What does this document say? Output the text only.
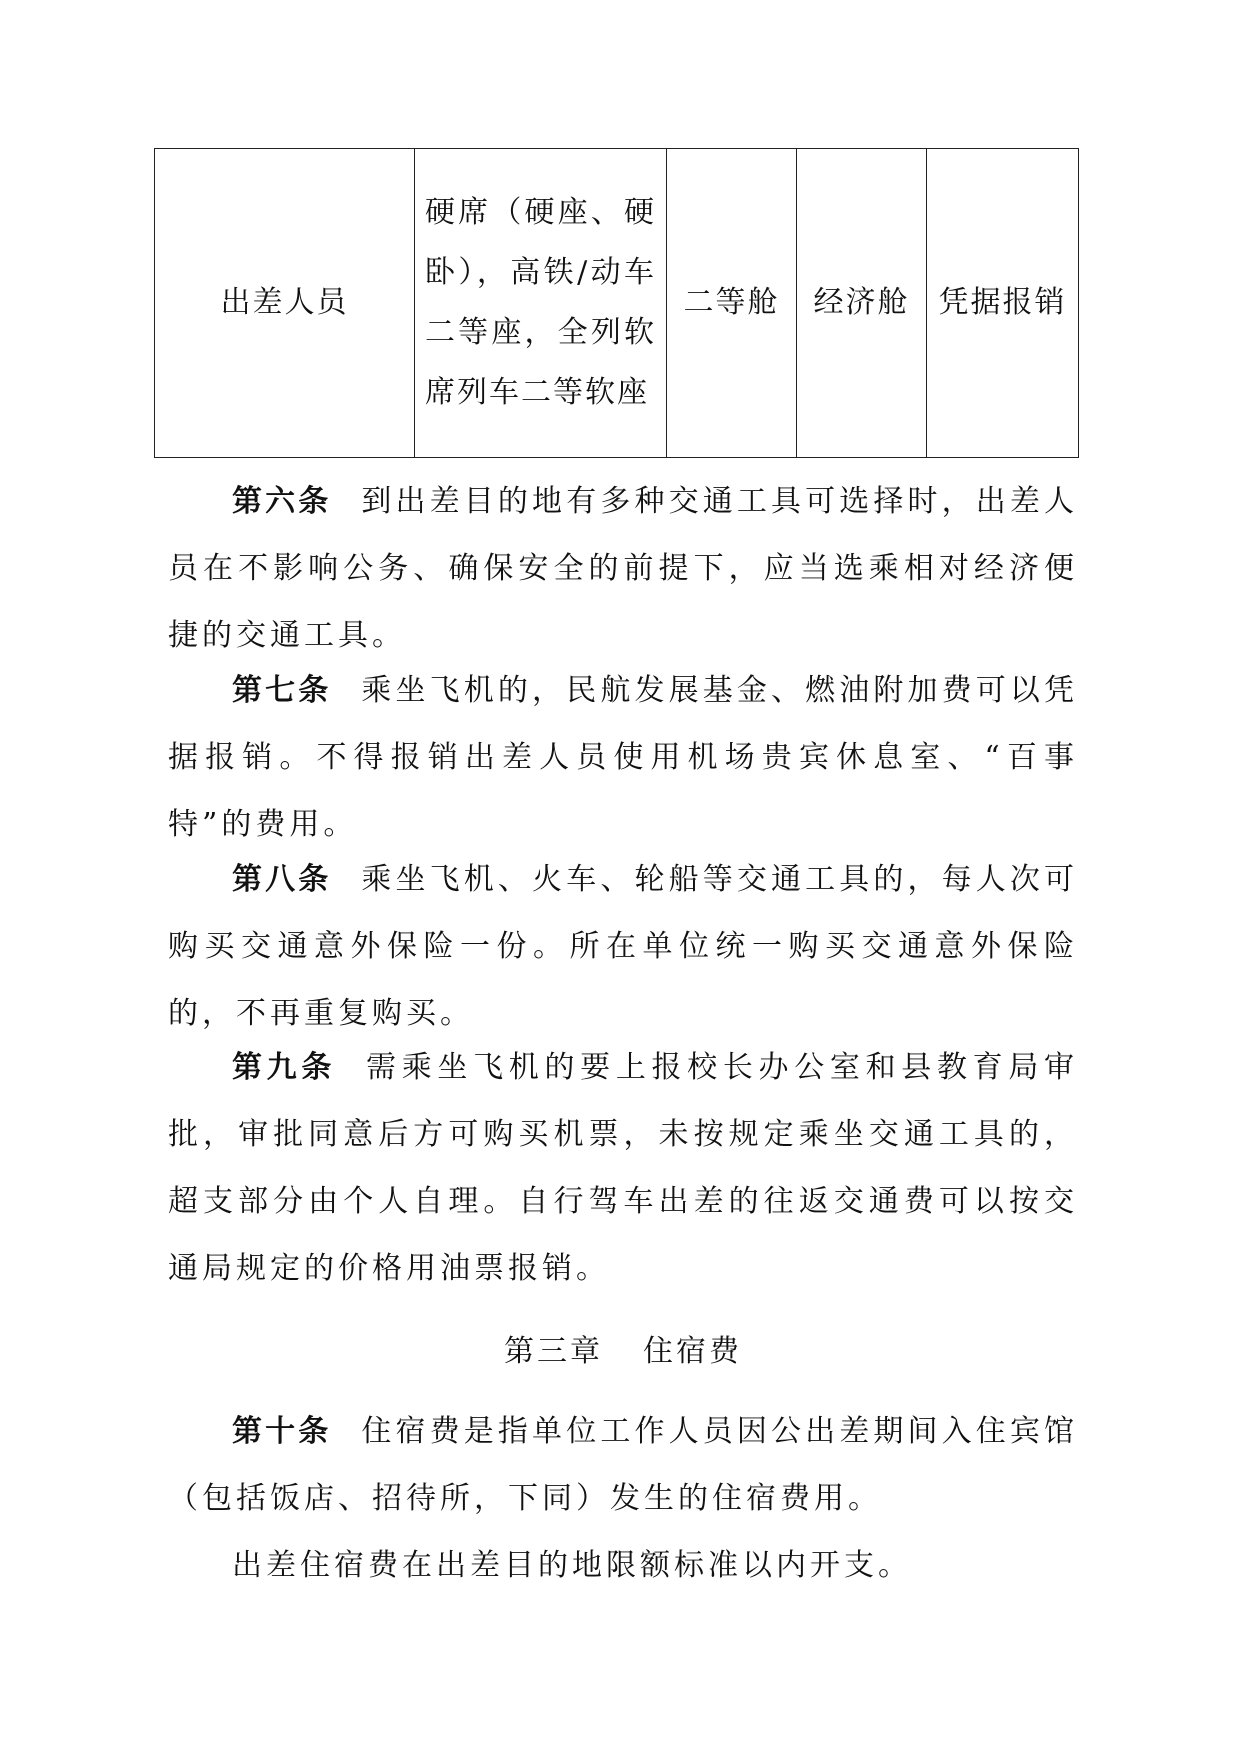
出差人员	硬席（硬座、硬卧），高铁/动车二等座，全列软席列车二等软座	二等舱	经济舱	凭据报销

第六条 到出差目的地有多种交通工具可选择时，出差人员在不影响公务、确保安全的前提下，应当选乘相对经济便捷的交通工具。

第七条 乘坐飞机的，民航发展基金、燃油附加费可以凭据报销。不得报销出差人员使用机场贵宾休息室、“百事特”的费用。

第八条 乘坐飞机、火车、轮船等交通工具的，每人次可购买交通意外保险一份。所在单位统一购买交通意外保险的，不再重复购买。

第九条 需乘坐飞机的要上报校长办公室和县教育局审批，审批同意后方可购买机票，未按规定乘坐交通工具的，超支部分由个人自理。自行驾车出差的往返交通费可以按交通局规定的价格用油票报销。

第三章 住宿费

第十条 住宿费是指单位工作人员因公出差期间入住宾馆（包括饭店、招待所，下同）发生的住宿费用。

出差住宿费在出差目的地限额标准以内开支。
